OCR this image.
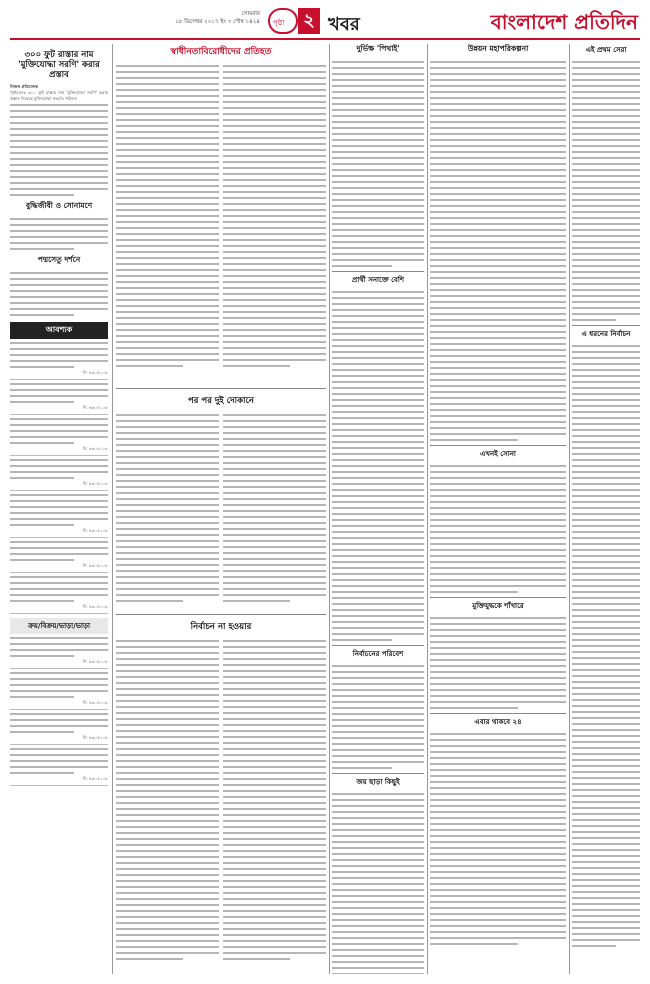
সোমবার
১৮ ডিসেম্বর ২০১৭ ইং ৩ পৌষ ১৪২৪ পৃষ্ঠা ২ খবর	বাংলাদেশ প্রতিদিন
৩০০ ফুট রাস্তার নাম 'মুক্তিযোদ্ধা সরণি' করার প্রস্তাব
নিজস্ব প্রতিবেদক
পূর্বাচলের ৩০০ ফুট রাস্তার নাম 'মুক্তিযোদ্ধা সরণি' করার প্রস্তাব দিয়েছে মুক্তিযোদ্ধা সংহতি পরিষদ।
বুদ্ধিজীবী ও সোনামণে
পদ্মসেতু দর্শনে
আবশ্যক
দি: ৪৩০৪১০৮
দি: ৪৩০৪১০৮
দি: ৪৩০৪১০৮
দি: ৪৩০৪১০৮
দি: ৪৩০৪১০৮
দি: ৪৩০৪১০৮
দি: ৪৩০৪১০৮
ক্রয়/বিক্রয়/ভাড়া/ভাড়া
দি: ৪৩০৪১০৮
দি: ৪৩০৪১০৮
দি: ৪৩০৪১০৮
দি: ৪৩০৪১০৮
স্বাধীনতাবিরোধীদের প্রতিহত
পর পর দুই দোকানে
নির্বাচন না হওয়ার
দুর্ভিক্ষ 'পিথাই'
প্রার্থী সনাক্তে বেশি
নির্বাচনের পরিবেশ
জয় ছাড়া কিছুই
উন্নয়ন মহাপরিকল্পনা
এখনই সোনা
মুক্তিযুদ্ধকে শাঁখারে
এবার থাকবে ২৪
এই প্রথম সেরা
এ ধরনের নির্বাচন
